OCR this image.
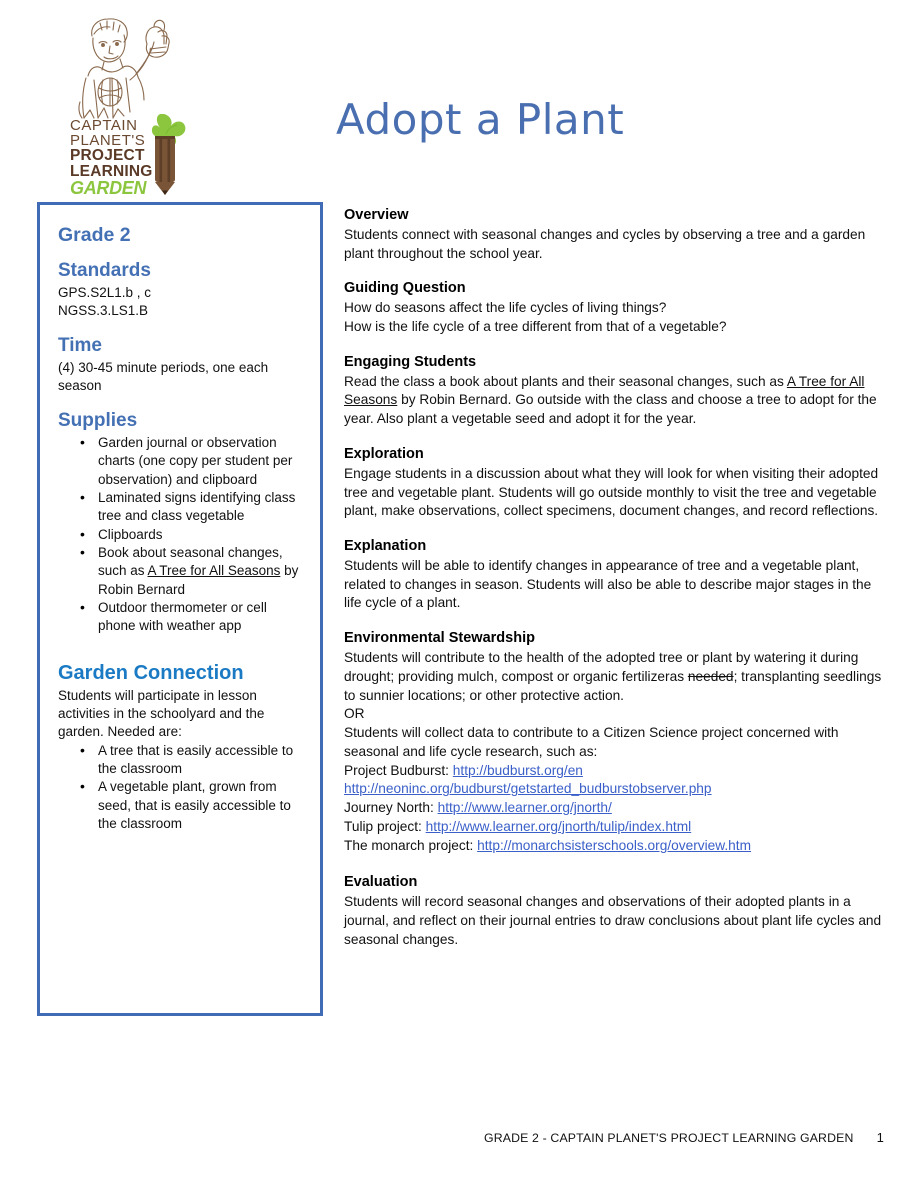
CAPTAIN
PLANET'S
PROJECT
LEARNING
GARDEN
Adopt a Plant
Grade 2
Standards

GPS.S2L1.b , c

NGSS.3.LS1.B

Time

(4) 30-45 minute periods, one each season

Supplies
• Garden journal or observation charts (one copy per student per observation) and clipboard
• Laminated signs identifying class tree and class vegetable
• Clipboards
• Book about seasonal changes, such as A Tree for All Seasons by Robin Bernard
• Outdoor thermometer or cell phone with weather app
Garden Connection

Students will participate in lesson activities in the schoolyard and the garden. Needed are:

• A tree that is easily accessible to the classroom
• A vegetable plant, grown from seed, that is easily accessible to the classroom
Overview

Students connect with seasonal changes and cycles by observing a tree and a garden plant throughout the school year.

Guiding Question

How do seasons affect the life cycles of living things?

How is the life cycle of a tree different from that of a vegetable?

Engaging Students

Read the class a book about plants and their seasonal changes, such as A Tree for All Seasons by Robin Bernard. Go outside with the class and choose a tree to adopt for the year. Also plant a vegetable seed and adopt it for the year.

Exploration

Engage students in a discussion about what they will look for when visiting their adopted tree and vegetable plant. Students will go outside monthly to visit the tree and vegetable plant, make observations, collect specimens, document changes, and record reflections.

Explanation

Students will be able to identify changes in appearance of tree and a vegetable plant, related to changes in season. Students will also be able to describe major stages in the life cycle of a plant.

Environmental Stewardship

Students will contribute to the health of the adopted tree or plant by watering it during drought; providing mulch, compost or organic fertilizeras needed; transplanting seedlings to sunnier locations; or other protective action.

OR

Students will collect data to contribute to a Citizen Science project concerned with seasonal and life cycle research, such as:

Project Budburst: http://budburst.org/en

http://neoninc.org/budburst/getstarted_budburstobserver.php

Journey North: http://www.learner.org/jnorth/

Tulip project: http://www.learner.org/jnorth/tulip/index.html

The monarch project: http://monarchsisterschools.org/overview.htm

Evaluation

Students will record seasonal changes and observations of their adopted plants in a journal, and reflect on their journal entries to draw conclusions about plant life cycles and seasonal changes.

GRADE 2 - CAPTAIN PLANET'S PROJECT LEARNING GARDEN	1
